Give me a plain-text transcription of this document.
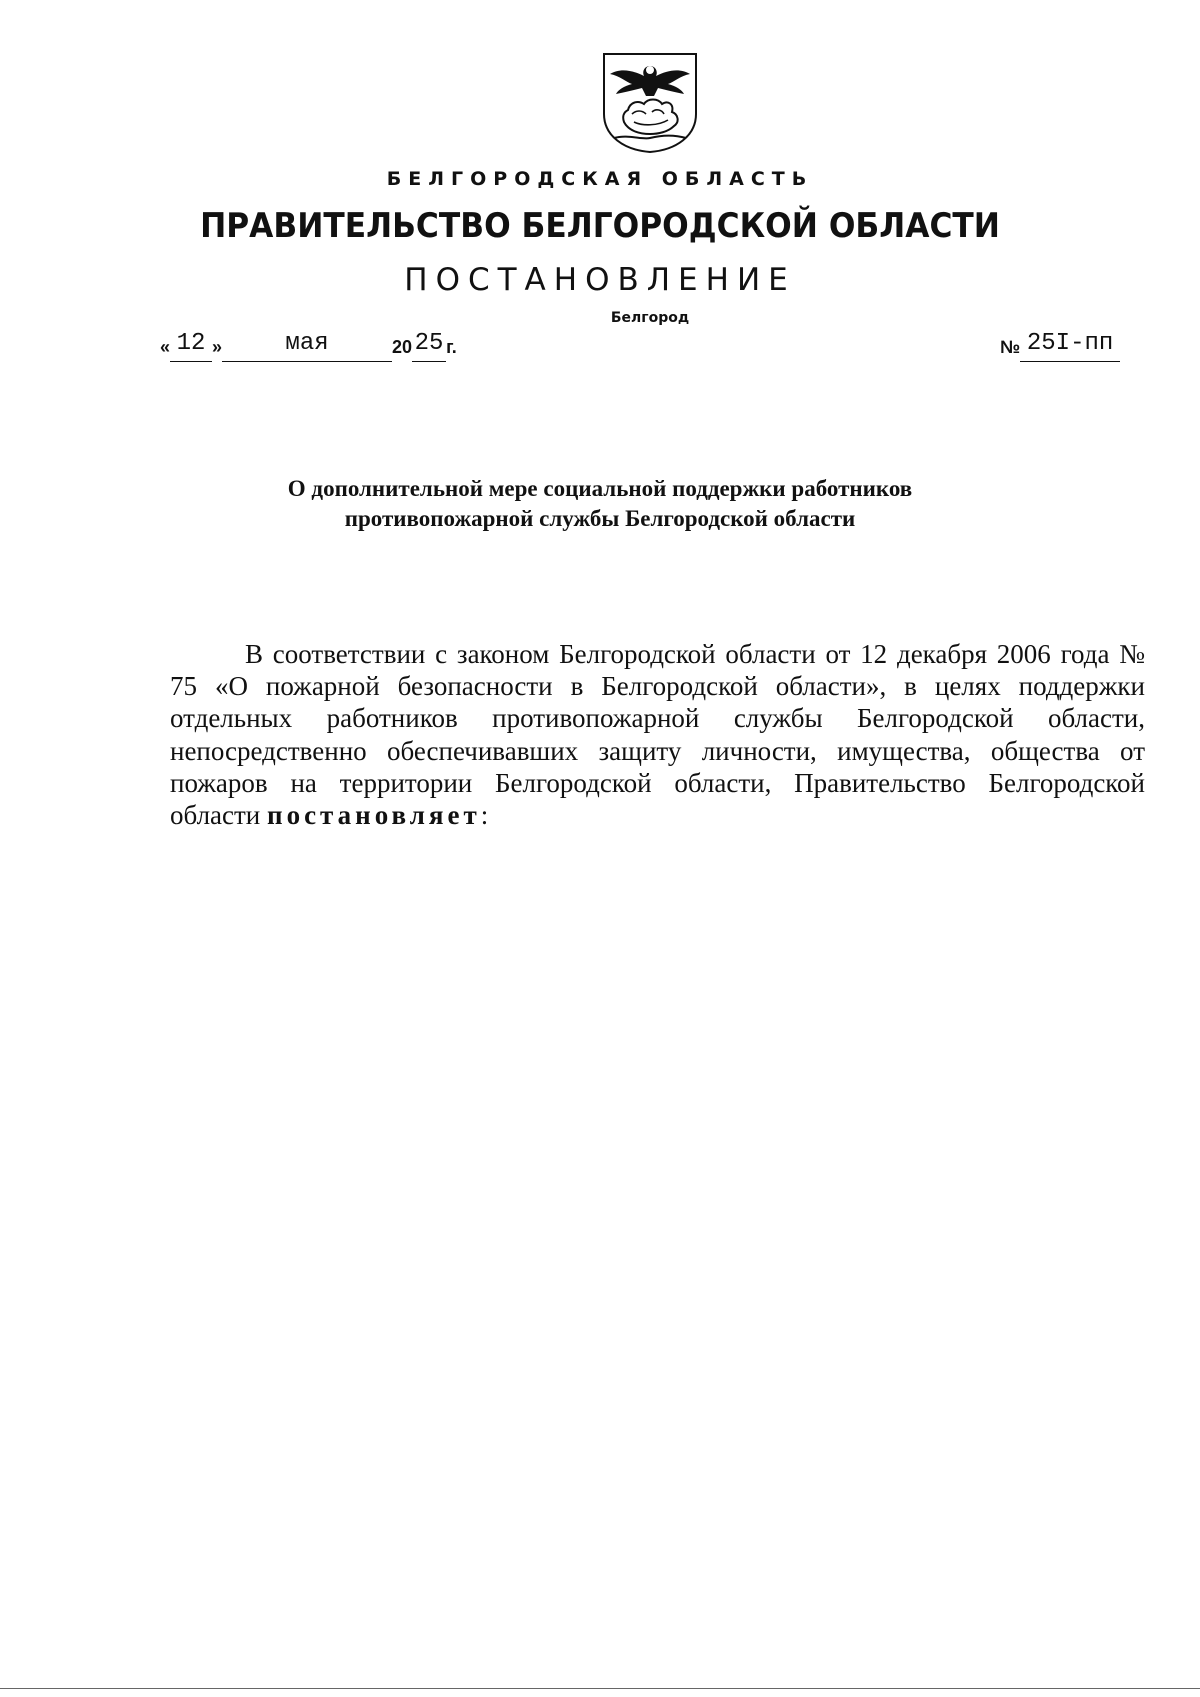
БЕЛГОРОДСКАЯ ОБЛАСТЬ
ПРАВИТЕЛЬСТВО БЕЛГОРОДСКОЙ ОБЛАСТИ
ПОСТАНОВЛЕНИЕ
Белгород
« 12 »	мая	20 25 г.	№ 25I-пп
О дополнительной мере социальной поддержки работников
противопожарной службы Белгородской области

В соответствии с законом Белгородской области от 12 декабря 2006 года № 75 «О пожарной безопасности в Белгородской области», в целях поддержки отдельных работников противопожарной службы Белгородской области, непосредственно обеспечивавших защиту личности, имущества, общества от пожаров на территории Белгородской области, Правительство Белгородской области постановляет:
